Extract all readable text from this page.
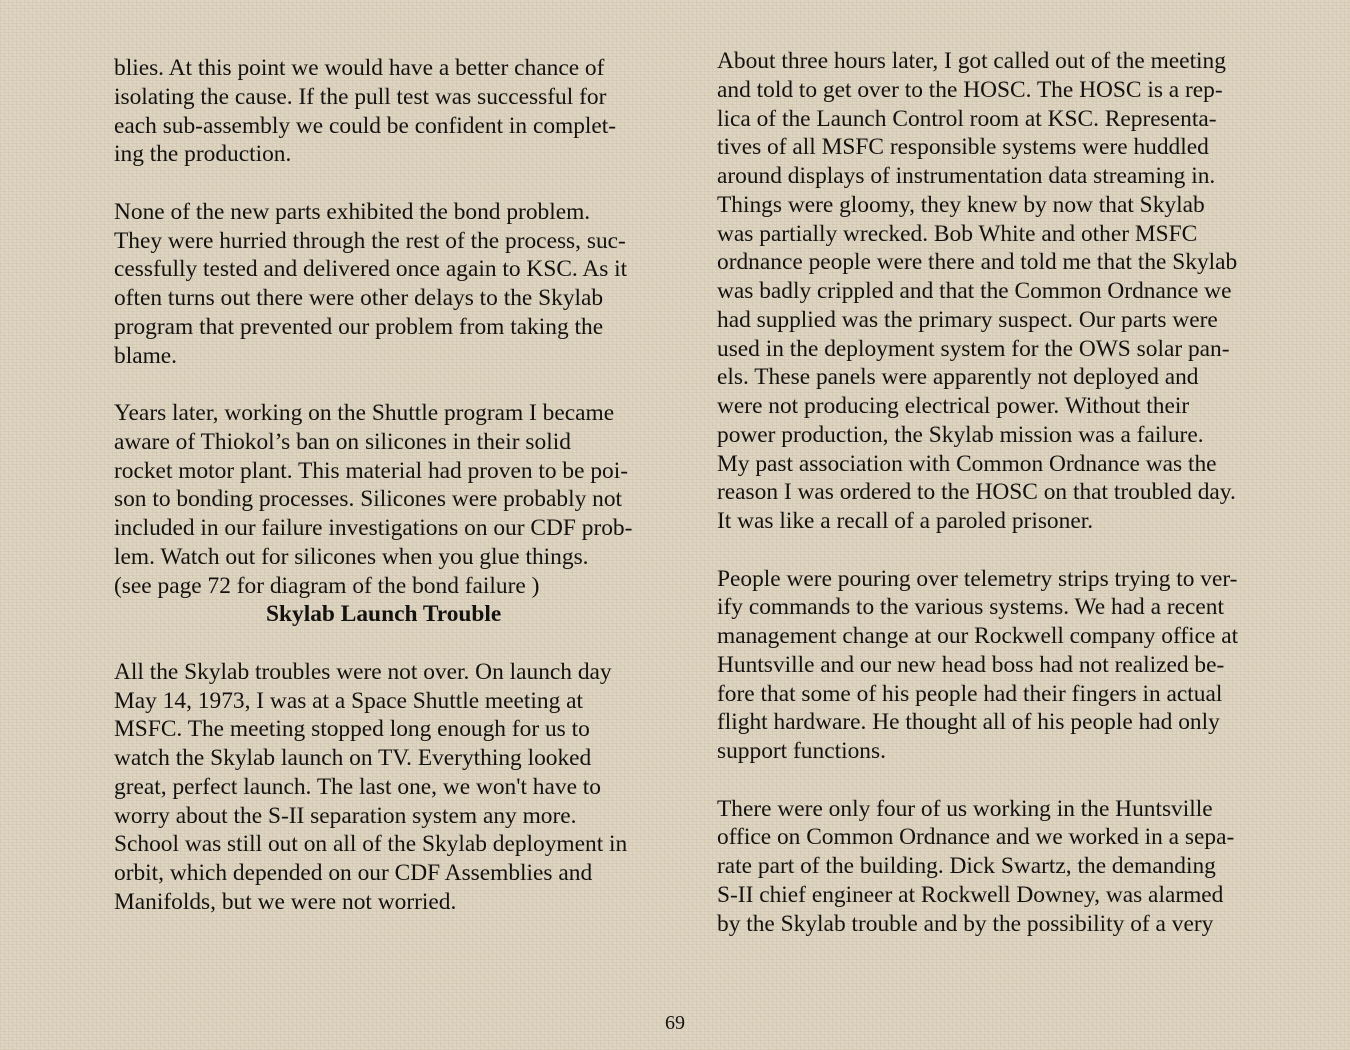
blies. At this point we would have a better chance of
isolating the cause. If the pull test was successful for
each sub-assembly we could be confident in complet-
ing the production.

None of the new parts exhibited the bond problem.
They were hurried through the rest of the process, suc-
cessfully tested and delivered once again to KSC. As it
often turns out there were other delays to the Skylab
program that prevented our problem from taking the
blame.

Years later, working on the Shuttle program I became
aware of Thiokol’s ban on silicones in their solid
rocket motor plant. This material had proven to be poi-
son to bonding processes. Silicones were probably not
included in our failure investigations on our CDF prob-
lem. Watch out for silicones when you glue things.
(see page 72 for diagram of the bond failure )

Skylab Launch Trouble

All the Skylab troubles were not over. On launch day
May 14, 1973, I was at a Space Shuttle meeting at
MSFC. The meeting stopped long enough for us to
watch the Skylab launch on TV. Everything looked
great, perfect launch. The last one, we won't have to
worry about the S-II separation system any more.
School was still out on all of the Skylab deployment in
orbit, which depended on our CDF Assemblies and
Manifolds, but we were not worried.

About three hours later, I got called out of the meeting
and told to get over to the HOSC. The HOSC is a rep-
lica of the Launch Control room at KSC. Representa-
tives of all MSFC responsible systems were huddled
around displays of instrumentation data streaming in.
Things were gloomy, they knew by now that Skylab
was partially wrecked. Bob White and other MSFC
ordnance people were there and told me that the Skylab
was badly crippled and that the Common Ordnance we
had supplied was the primary suspect. Our parts were
used in the deployment system for the OWS solar pan-
els. These panels were apparently not deployed and
were not producing electrical power. Without their
power production, the Skylab mission was a failure.
My past association with Common Ordnance was the
reason I was ordered to the HOSC on that troubled day.
It was like a recall of a paroled prisoner.

People were pouring over telemetry strips trying to ver-
ify commands to the various systems. We had a recent
management change at our Rockwell company office at
Huntsville and our new head boss had not realized be-
fore that some of his people had their fingers in actual
flight hardware. He thought all of his people had only
support functions.

There were only four of us working in the Huntsville
office on Common Ordnance and we worked in a sepa-
rate part of the building. Dick Swartz, the demanding
S-II chief engineer at Rockwell Downey, was alarmed
by the Skylab trouble and by the possibility of a very

69
